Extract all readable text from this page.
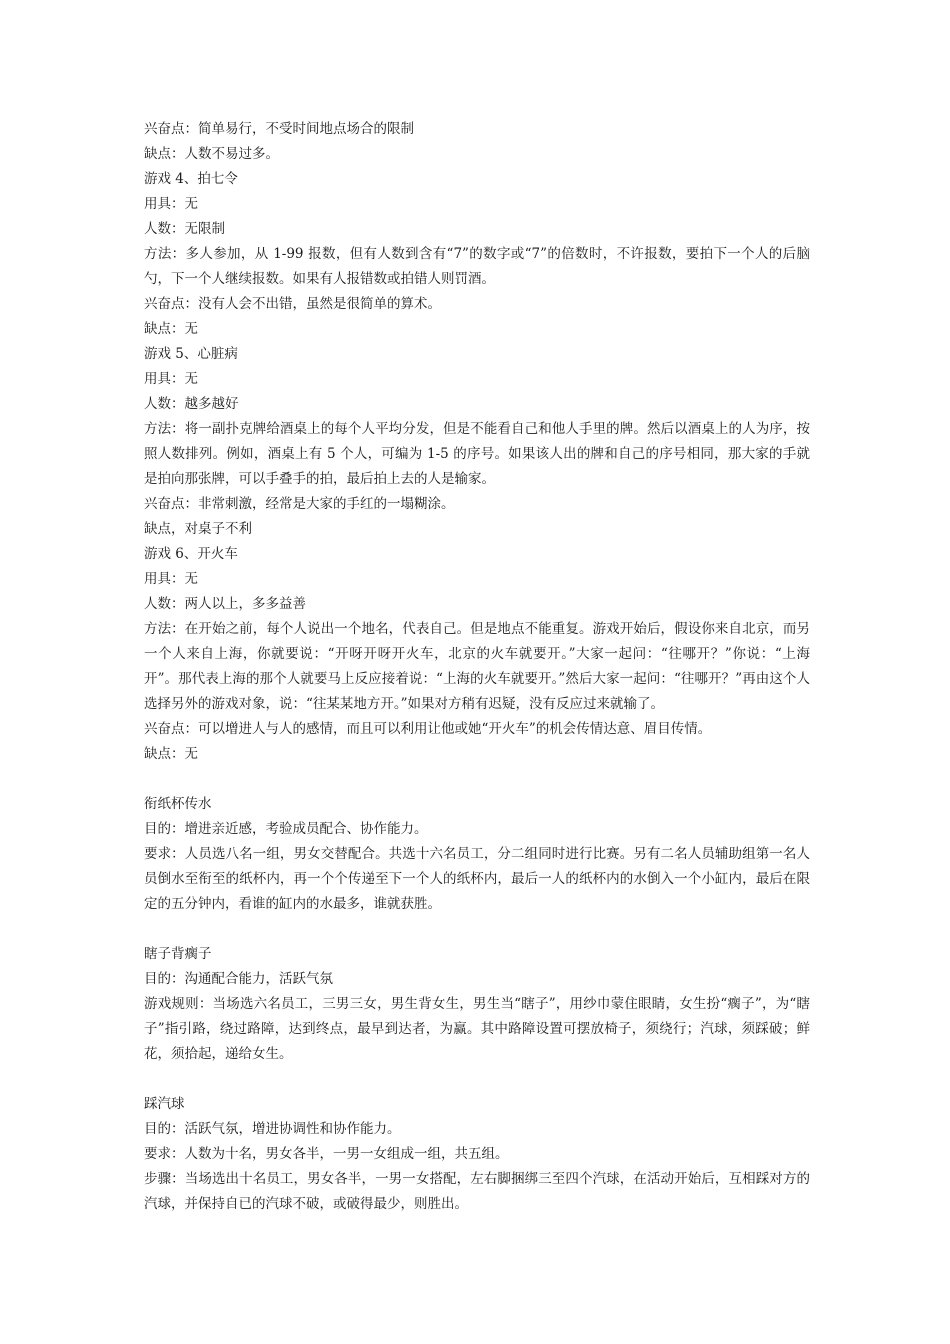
兴奋点：简单易行，不受时间地点场合的限制

缺点：人数不易过多。

游戏 4、拍七令

用具：无

人数：无限制

方法：多人参加，从 1-99 报数，但有人数到含有“7”的数字或“7”的倍数时，不许报数，要拍下一个人的后脑勺，下一个人继续报数。如果有人报错数或拍错人则罚酒。

兴奋点：没有人会不出错，虽然是很简单的算术。

缺点：无

游戏 5、心脏病

用具：无

人数：越多越好

方法：将一副扑克牌给酒桌上的每个人平均分发，但是不能看自己和他人手里的牌。然后以酒桌上的人为序，按照人数排列。例如，酒桌上有 5 个人，可编为 1-5 的序号。如果该人出的牌和自己的序号相同，那大家的手就是拍向那张牌，可以手叠手的拍，最后拍上去的人是输家。

兴奋点：非常刺激，经常是大家的手红的一塌糊涂。

缺点，对桌子不利

游戏 6、开火车

用具：无

人数：两人以上，多多益善

方法：在开始之前，每个人说出一个地名，代表自己。但是地点不能重复。游戏开始后，假设你来自北京，而另一个人来自上海，你就要说：“开呀开呀开火车，北京的火车就要开。”大家一起问：“往哪开？”你说：“上海开”。那代表上海的那个人就要马上反应接着说：“上海的火车就要开。”然后大家一起问：“往哪开？”再由这个人选择另外的游戏对象，说：“往某某地方开。”如果对方稍有迟疑，没有反应过来就输了。

兴奋点：可以增进人与人的感情，而且可以利用让他或她“开火车”的机会传情达意、眉目传情。

缺点：无

衔纸杯传水

目的：增进亲近感，考验成员配合、协作能力。

要求：人员选八名一组，男女交替配合。共选十六名员工，分二组同时进行比赛。另有二名人员辅助组第一名人员倒水至衔至的纸杯内，再一个个传递至下一个人的纸杯内，最后一人的纸杯内的水倒入一个小缸内，最后在限定的五分钟内，看谁的缸内的水最多，谁就获胜。

瞎子背瘸子

目的：沟通配合能力，活跃气氛

游戏规则：当场选六名员工，三男三女，男生背女生，男生当“瞎子”，用纱巾蒙住眼睛，女生扮“瘸子”，为“瞎子”指引路，绕过路障，达到终点，最早到达者，为赢。其中路障设置可摆放椅子，须绕行；汽球，须踩破；鲜花，须拾起，递给女生。

踩汽球

目的：活跃气氛，增进协调性和协作能力。

要求：人数为十名，男女各半，一男一女组成一组，共五组。

步骤：当场选出十名员工，男女各半，一男一女搭配，左右脚捆绑三至四个汽球，在活动开始后，互相踩对方的汽球，并保持自已的汽球不破，或破得最少，则胜出。
